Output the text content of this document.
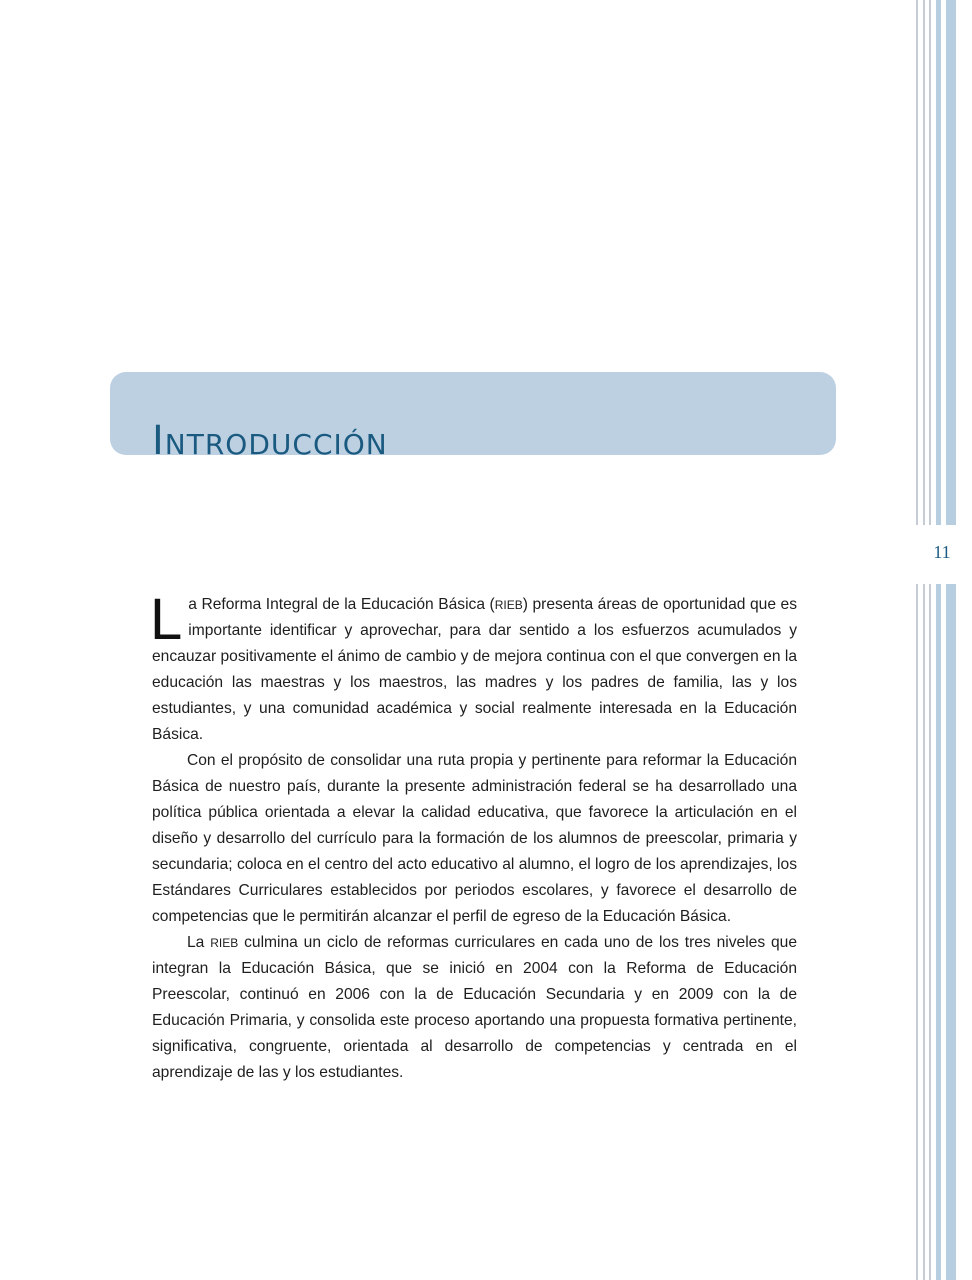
11
Introducción

La Reforma Integral de la Educación Básica (RIEB) presenta áreas de oportunidad que es importante identificar y aprovechar, para dar sentido a los esfuerzos acumulados y encauzar positivamente el ánimo de cambio y de mejora continua con el que convergen en la educación las maestras y los maestros, las madres y los padres de familia, las y los estudiantes, y una comunidad académica y social realmente interesada en la Educación Básica.

Con el propósito de consolidar una ruta propia y pertinente para reformar la Educación Básica de nuestro país, durante la presente administración federal se ha desarrollado una política pública orientada a elevar la calidad educativa, que favorece la articulación en el diseño y desarrollo del currículo para la formación de los alumnos de preescolar, primaria y secundaria; coloca en el centro del acto educativo al alumno, el logro de los aprendizajes, los Estándares Curriculares establecidos por periodos escolares, y favorece el desarrollo de competencias que le permitirán alcanzar el perfil de egreso de la Educación Básica.

La RIEB culmina un ciclo de reformas curriculares en cada uno de los tres niveles que integran la Educación Básica, que se inició en 2004 con la Reforma de Educación Preescolar, continuó en 2006 con la de Educación Secundaria y en 2009 con la de Educación Primaria, y consolida este proceso aportando una propuesta formativa pertinente, significativa, congruente, orientada al desarrollo de competencias y centrada en el aprendizaje de las y los estudiantes.
